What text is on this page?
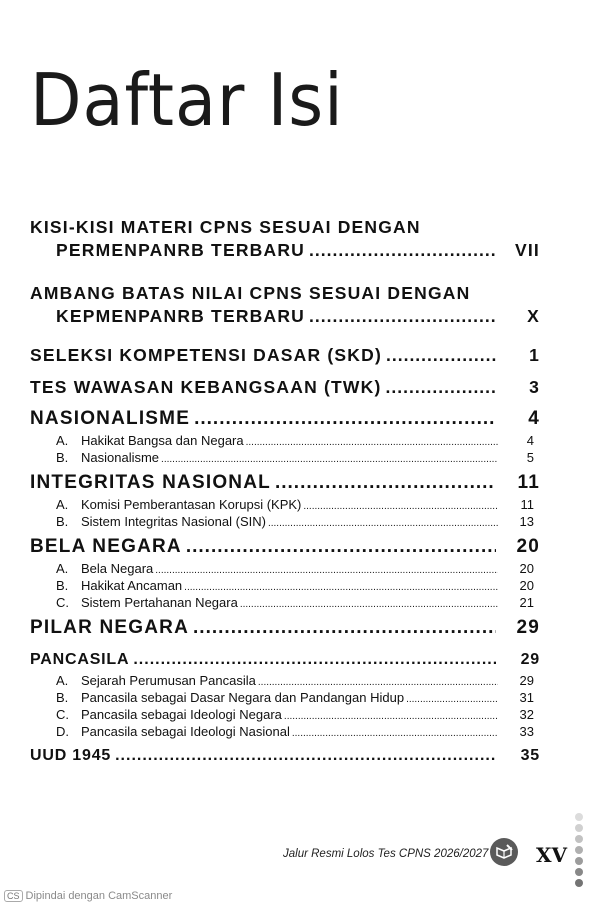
Daftar Isi
KISI-KISI MATERI CPNS SESUAI DENGAN
PERMENPANRB TERBARU .....	VII
AMBANG BATAS NILAI CPNS SESUAI DENGAN
KEPMENPANRB TERBARU .....	X
SELEKSI KOMPETENSI DASAR (SKD) .....	1
TES WAWASAN KEBANGSAAN (TWK) .....	3
NASIONALISME .....	4
A. Hakikat Bangsa dan Negara .....	4
B. Nasionalisme .....	5
INTEGRITAS NASIONAL .....	11
A. Komisi Pemberantasan Korupsi (KPK) .....	11
B. Sistem Integritas Nasional (SIN) .....	13
BELA NEGARA .....	20
A. Bela Negara .....	20
B. Hakikat Ancaman .....	20
C. Sistem Pertahanan Negara .....	21
PILAR NEGARA .....	29
PANCASILA .....	29
A. Sejarah Perumusan Pancasila .....	29
B. Pancasila sebagai Dasar Negara dan Pandangan Hidup .....	31
C. Pancasila sebagai Ideologi Negara .....	32
D. Pancasila sebagai Ideologi Nasional .....	33
UUD 1945 .....	35
Jalur Resmi Lolos Tes CPNS 2026/2027 XV
CS Dipindai dengan CamScanner
